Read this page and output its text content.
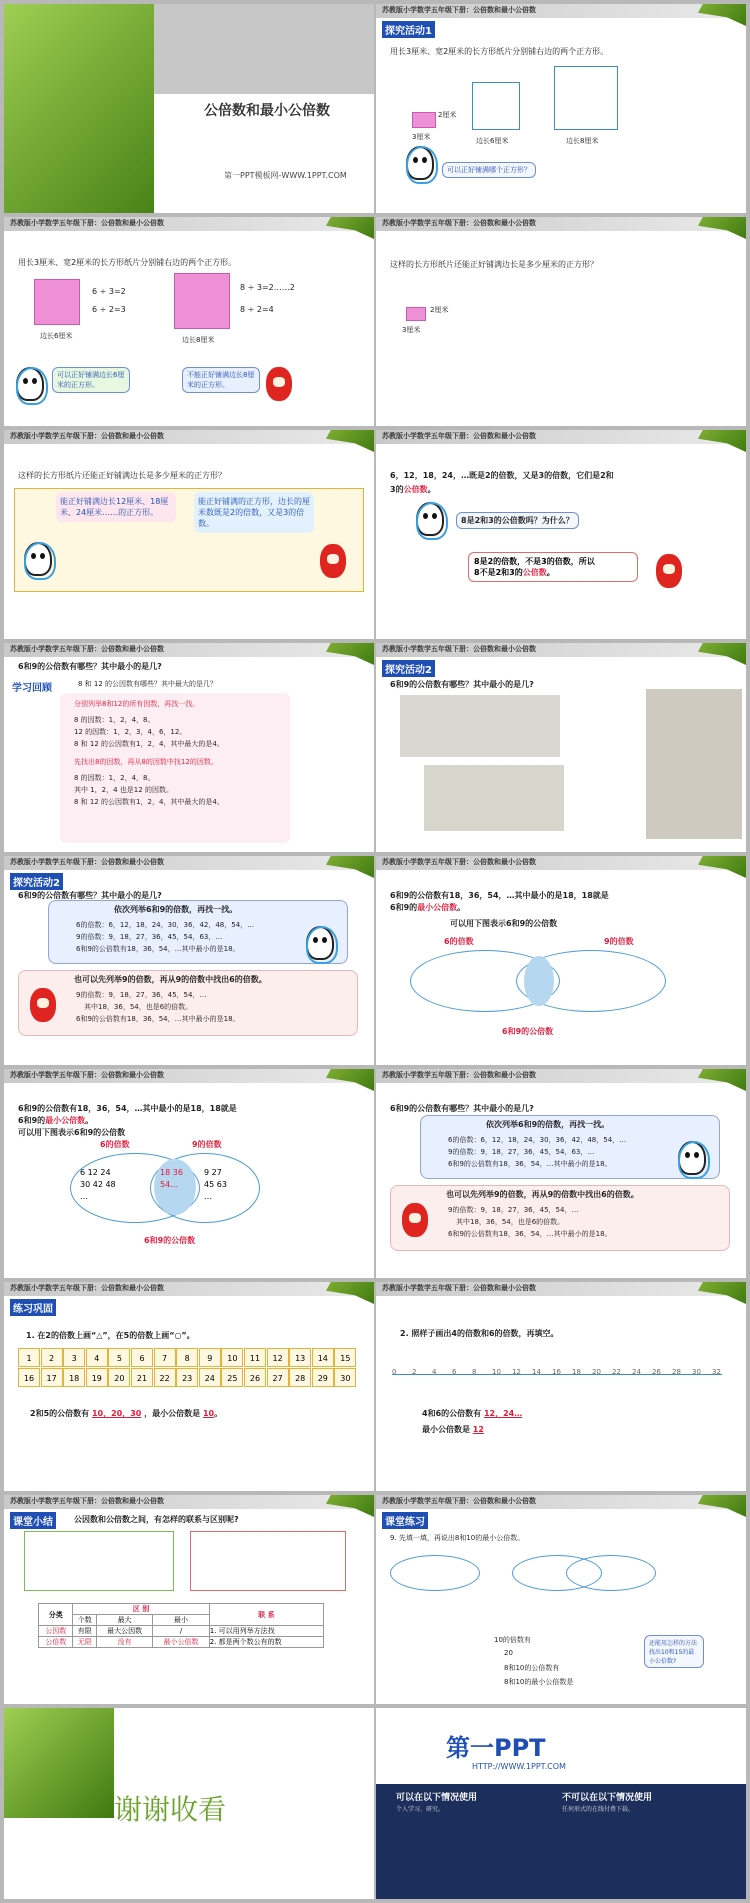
公倍数和最小公倍数
第一PPT模板网-WWW.1PPT.COM
苏教版小学数学五年级下册：公倍数和最小公倍数
探究活动1
用长3厘米、宽2厘米的长方形纸片分别铺右边的两个正方形。
3厘米
2厘米
边长6厘米	边长8厘米
可以正好铺满哪个正方形？
苏教版小学数学五年级下册：公倍数和最小公倍数
用长3厘米、宽2厘米的长方形纸片分别铺右边的两个正方形。
边长6厘米
6 ÷ 3=2
6 ÷ 2=3
边长8厘米
8 ÷ 3=2……2
8 ÷ 2=4
可以正好铺满边长6厘米的正方形。
不能正好铺满边长8厘米的正方形。
苏教版小学数学五年级下册：公倍数和最小公倍数
这样的长方形纸片还能正好铺满边长是多少厘米的正方形？
3厘米
2厘米
苏教版小学数学五年级下册：公倍数和最小公倍数
这样的长方形纸片还能正好铺满边长是多少厘米的正方形？
能正好铺满边长12厘米、18厘米、24厘米……的正方形。
能正好铺满的正方形，边长的厘米数既是2的倍数，又是3的倍数。
苏教版小学数学五年级下册：公倍数和最小公倍数
6，12，18，24，…既是2的倍数，又是3的倍数，它们是2和
3的公倍数。
8是2和3的公倍数吗？为什么？
8是2的倍数，不是3的倍数，所以
8不是2和3的公倍数。
苏教版小学数学五年级下册：公倍数和最小公倍数
6和9的公倍数有哪些？其中最小的是几?
学习回顾	8 和 12 的公因数有哪些？其中最大的是几？
分别列举8和12的所有因数，再找一找。
8 的因数：1，2，4，8。
12 的因数：1，2，3，4，6，12。
8 和 12 的公因数有1，2，4，其中最大的是4。
先找出8的因数，再从8的因数中找12的因数。
8 的因数：1，2，4，8。
其中 1，2，4 也是12 的因数。
8 和 12 的公因数有1，2，4，其中最大的是4。
苏教版小学数学五年级下册：公倍数和最小公倍数
探究活动2
6和9的公倍数有哪些？其中最小的是几?
苏教版小学数学五年级下册：公倍数和最小公倍数
探究活动2
6和9的公倍数有哪些？其中最小的是几?
依次列举6和9的倍数，再找一找。
6的倍数：6，12，18，24，30，36，42，48，54，…
9的倍数：9，18，27，36，45，54，63，…
6和9的公倍数有18，36，54，…其中最小的是18。
也可以先列举9的倍数，再从9的倍数中找出6的倍数。
9的倍数：9，18，27，36，45，54，…
其中18，36，54，也是6的倍数。
6和9的公倍数有18，36，54，…其中最小的是18。
苏教版小学数学五年级下册：公倍数和最小公倍数
6和9的公倍数有18，36，54，…其中最小的是18，18就是
6和9的最小公倍数。
可以用下图表示6和9的公倍数
6的倍数	9的倍数
6和9的公倍数
苏教版小学数学五年级下册：公倍数和最小公倍数
6和9的公倍数有18，36，54，…其中最小的是18，18就是
6和9的最小公倍数。
可以用下图表示6和9的公倍数
6的倍数	9的倍数
6 12 24
30 42 48
…
18 36
54…
9 27
45 63
…
6和9的公倍数
苏教版小学数学五年级下册：公倍数和最小公倍数
6和9的公倍数有哪些？其中最小的是几?
依次列举6和9的倍数，再找一找。
6的倍数：6，12，18，24，30，36，42，48，54，…
9的倍数：9，18，27，36，45，54，63，…
6和9的公倍数有18，36，54，…其中最小的是18。
也可以先列举9的倍数，再从9的倍数中找出6的倍数。
9的倍数：9，18，27，36，45，54，…
其中18，36，54，也是6的倍数。
6和9的公倍数有18，36，54，…其中最小的是18。
苏教版小学数学五年级下册：公倍数和最小公倍数
练习巩固
1. 在2的倍数上画“△”，在5的倍数上画“○”。
1	2	3	4	5	6	7	8	9	10	11	12	13	14	15
16	17	18	19	20	21	22	23	24	25	26	27	28	29	30
2和5的公倍数有 10，20，30 ，最小公倍数是 10。
苏教版小学数学五年级下册：公倍数和最小公倍数
2. 照样子画出4的倍数和6的倍数，再填空。
0 2 4 6 8 10 12 14 16 18 20 22 24 26 28 30 32
4和6的公倍数有 12，24…
最小公倍数是 12
苏教版小学数学五年级下册：公倍数和最小公倍数
课堂小结	公因数和公倍数之间，有怎样的联系与区别呢?
分类	区 别			联 系
	个数	最大	最小	
公因数	有限	最大公因数	/	1. 可以用列举方法找
公倍数	无限	没有	最小公倍数	2. 都是两个数公有的数
苏教版小学数学五年级下册：公倍数和最小公倍数
课堂练习
9. 先填一填，再说出8和10的最小公倍数。
10的倍数有
20
8和10的公倍数有
8和10的最小公倍数是
还能用怎样的方法找出10和15的最小公倍数?
谢谢收看
第一PPT
HTTP://WWW.1PPT.COM
可以在以下情况使用	不可以在以下情况使用
个人学习、研究。	任何形式的在线付费下载。
